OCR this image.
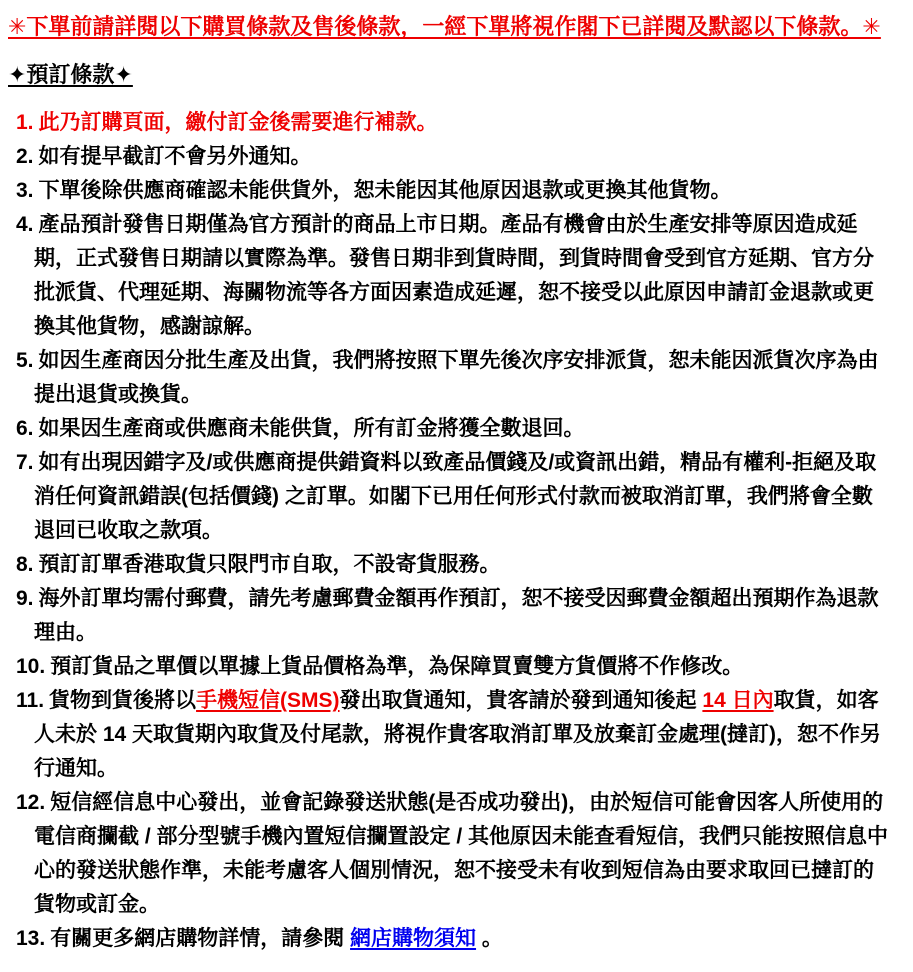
✳下單前請詳閱以下購買條款及售後條款，一經下單將視作閣下已詳閱及默認以下條款。✳

✦預訂條款✦
1. 此乃訂購頁面，繳付訂金後需要進行補款。
2. 如有提早截訂不會另外通知。
3. 下單後除供應商確認未能供貨外，恕未能因其他原因退款或更換其他貨物。
4. 產品預計發售日期僅為官方預計的商品上市日期。產品有機會由於生產安排等原因造成延期，正式發售日期請以實際為準。發售日期非到貨時間，到貨時間會受到官方延期、官方分批派貨、代理延期、海關物流等各方面因素造成延遲，恕不接受以此原因申請訂金退款或更換其他貨物，感謝諒解。
5. 如因生產商因分批生產及出貨，我們將按照下單先後次序安排派貨，恕未能因派貨次序為由提出退貨或換貨。
6. 如果因生產商或供應商未能供貨，所有訂金將獲全數退回。
7. 如有出現因錯字及/或供應商提供錯資料以致產品價錢及/或資訊出錯，精品有權利-拒絕及取消任何資訊錯誤(包括價錢) 之訂單。如閣下已用任何形式付款而被取消訂單，我們將會全數退回已收取之款項。
8. 預訂訂單香港取貨只限門市自取，不設寄貨服務。
9. 海外訂單均需付郵費，請先考慮郵費金額再作預訂，恕不接受因郵費金額超出預期作為退款理由。
10. 預訂貨品之單價以單據上貨品價格為準，為保障買賣雙方貨價將不作修改。
11. 貨物到貨後將以手機短信(SMS)發出取貨通知，貴客請於發到通知後起 14 日內取貨，如客人未於 14 天取貨期內取貨及付尾款，將視作貴客取消訂單及放棄訂金處理(撻訂)，恕不作另行通知。
12. 短信經信息中心發出，並會記錄發送狀態(是否成功發出)，由於短信可能會因客人所使用的電信商攔截 / 部分型號手機內置短信攔置設定 / 其他原因未能查看短信，我們只能按照信息中心的發送狀態作準，未能考慮客人個別情況，恕不接受未有收到短信為由要求取回已撻訂的貨物或訂金。
13. 有關更多網店購物詳情，請參閱 網店購物須知 。
